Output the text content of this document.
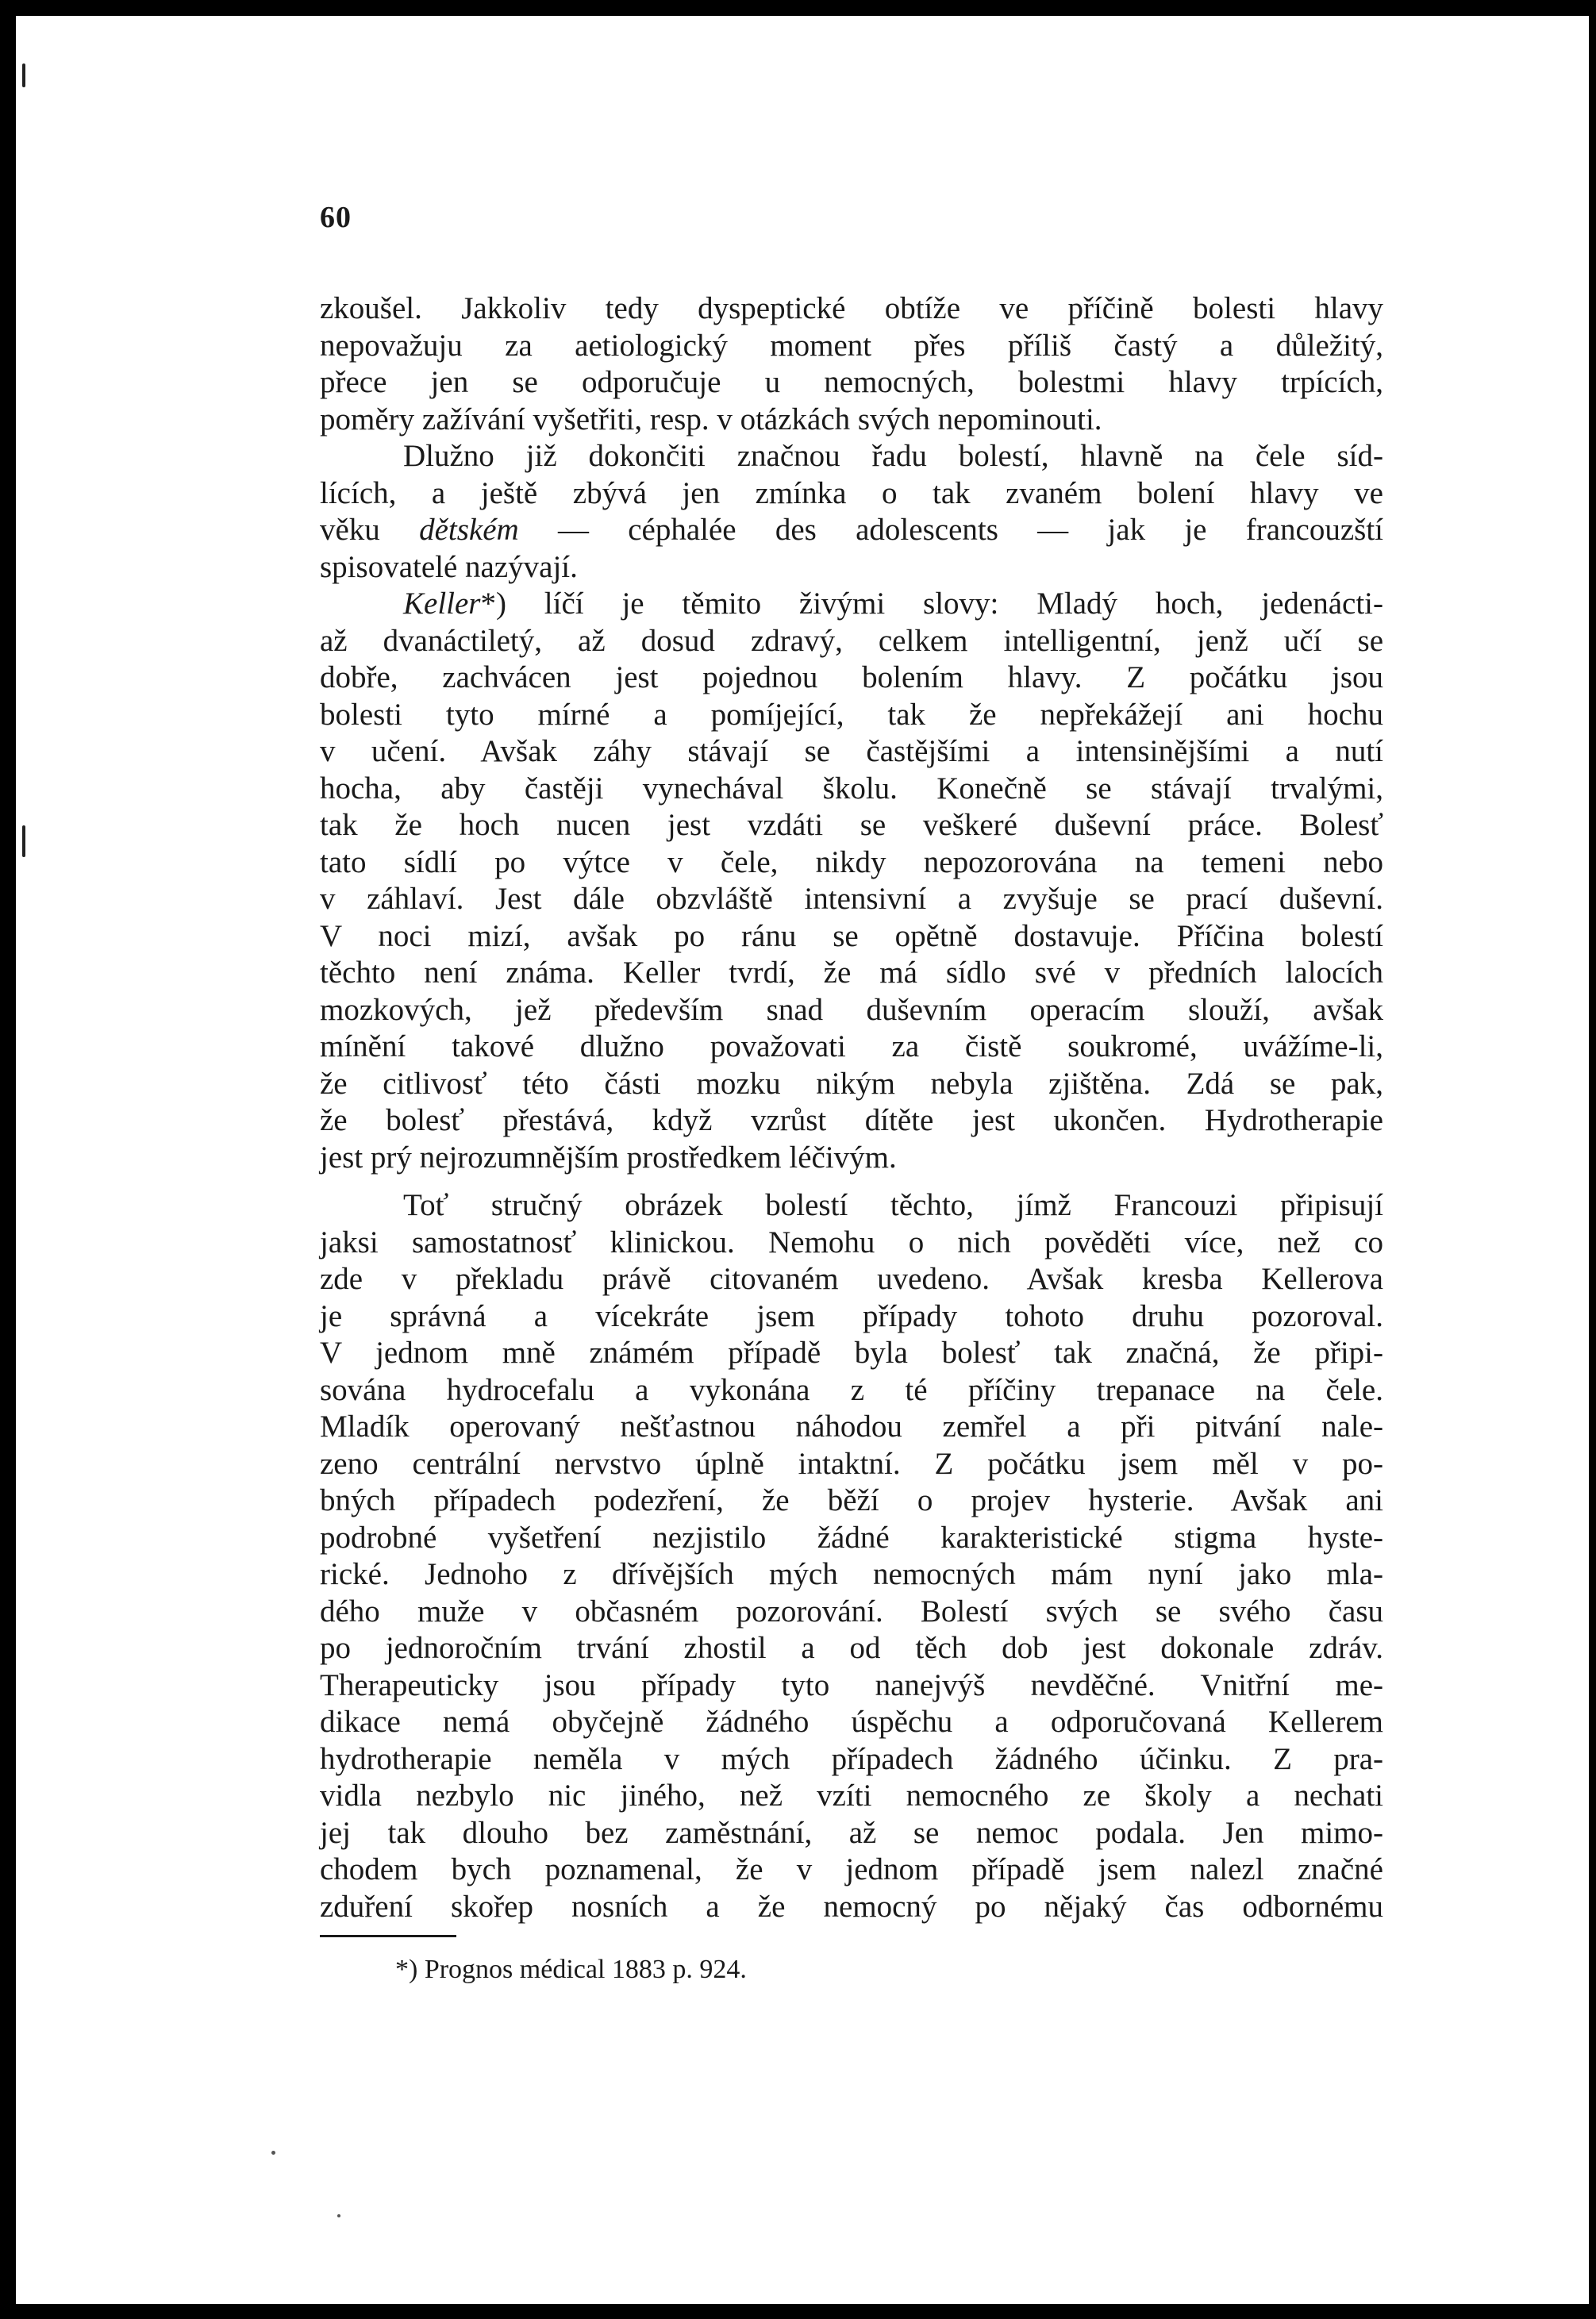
60
zkoušel. Jakkoliv tedy dyspeptické obtíže ve příčině bolesti hlavy
nepovažuju za aetiologický moment přes příliš častý a důležitý,
přece jen se odporučuje u nemocných, bolestmi hlavy trpících,
poměry zažívání vyšetřiti, resp. v otázkách svých nepominouti.
Dlužno již dokončiti značnou řadu bolestí, hlavně na čele síd-
lících, a ještě zbývá jen zmínka o tak zvaném bolení hlavy ve
věku dětském — céphalée des adolescents — jak je francouzští
spisovatelé nazývají.
Keller*) líčí je těmito živými slovy: Mladý hoch, jedenácti-
až dvanáctiletý, až dosud zdravý, celkem intelligentní, jenž učí se
dobře, zachvácen jest pojednou bolením hlavy. Z počátku jsou
bolesti tyto mírné a pomíjející, tak že nepřekážejí ani hochu
v učení. Avšak záhy stávají se častějšími a intensinějšími a nutí
hocha, aby častěji vynechával školu. Konečně se stávají trvalými,
tak že hoch nucen jest vzdáti se veškeré duševní práce. Bolesť
tato sídlí po výtce v čele, nikdy nepozorována na temeni nebo
v záhlaví. Jest dále obzvláště intensivní a zvyšuje se prací duševní.
V noci mizí, avšak po ránu se opětně dostavuje. Příčina bolestí
těchto není známa. Keller tvrdí, že má sídlo své v předních lalocích
mozkových, jež především snad duševním operacím slouží, avšak
mínění takové dlužno považovati za čistě soukromé, uvážíme-li,
že citlivosť této části mozku nikým nebyla zjištěna. Zdá se pak,
že bolesť přestává, když vzrůst dítěte jest ukončen. Hydrotherapie
jest prý nejrozumnějším prostředkem léčivým.
Toť stručný obrázek bolestí těchto, jímž Francouzi připisují
jaksi samostatnosť klinickou. Nemohu o nich pověděti více, než co
zde v překladu právě citovaném uvedeno. Avšak kresba Kellerova
je správná a vícekráte jsem případy tohoto druhu pozoroval.
V jednom mně známém případě byla bolesť tak značná, že připi-
sována hydrocefalu a vykonána z té příčiny trepanace na čele.
Mladík operovaný nešťastnou náhodou zemřel a při pitvání nale-
zeno centrální nervstvo úplně intaktní. Z počátku jsem měl v po-
bných případech podezření, že běží o projev hysterie. Avšak ani
podrobné vyšetření nezjistilo žádné karakteristické stigma hyste-
rické. Jednoho z dřívějších mých nemocných mám nyní jako mla-
dého muže v občasném pozorování. Bolestí svých se svého času
po jednoročním trvání zhostil a od těch dob jest dokonale zdráv.
Therapeuticky jsou případy tyto nanejvýš nevděčné. Vnitřní me-
dikace nemá obyčejně žádného úspěchu a odporučovaná Kellerem
hydrotherapie neměla v mých případech žádného účinku. Z pra-
vidla nezbylo nic jiného, než vzíti nemocného ze školy a nechati
jej tak dlouho bez zaměstnání, až se nemoc podala. Jen mimo-
chodem bych poznamenal, že v jednom případě jsem nalezl značné
zduření skořep nosních a že nemocný po nějaký čas odbornému
*) Prognos médical 1883 p. 924.
